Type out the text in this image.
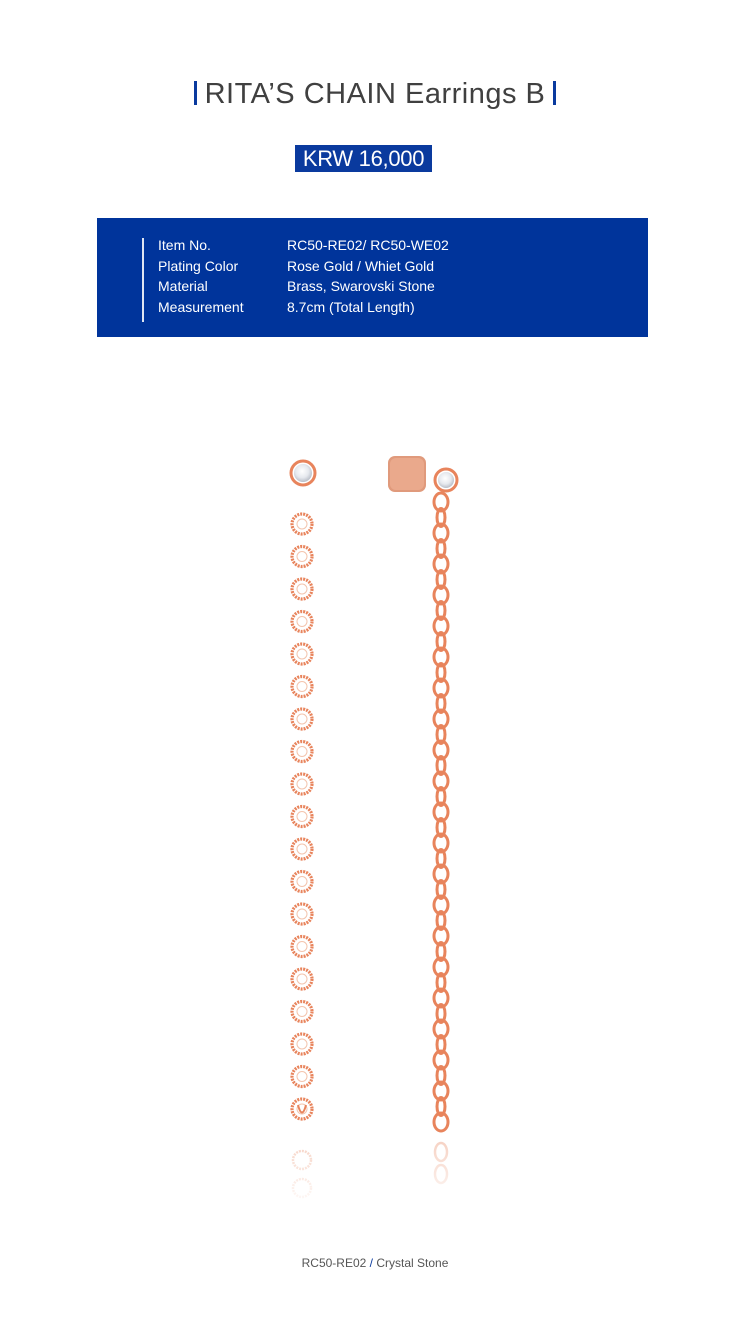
RITA’S CHAIN Earrings B
KRW 16,000
Item No.	RC50-RE02/ RC50-WE02
Plating Color	Rose Gold / Whiet Gold
Material	Brass, Swarovski Stone
Measurement	8.7cm (Total Length)
RC50-RE02 / Crystal Stone
